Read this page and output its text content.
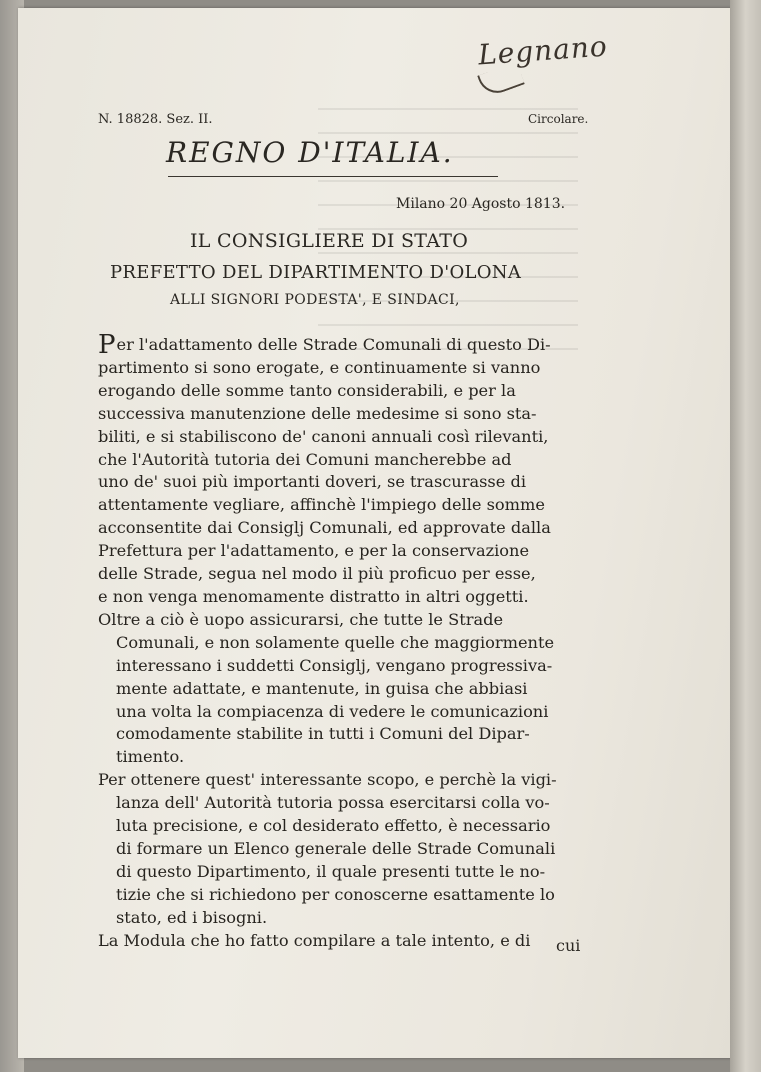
Legnano

N. 18828. Sez. II.	Circolare.

REGNO D'ITALIA.

Milano 20 Agosto 1813.

IL CONSIGLIERE DI STATO
PREFETTO DEL DIPARTIMENTO D'OLONA
ALLI SIGNORI PODESTA', E SINDACI,

Per l'adattamento delle Strade Comunali di questo Di-

partimento si sono erogate, e continuamente si vanno

erogando delle somme tanto considerabili, e per la

successiva manutenzione delle medesime si sono sta-

biliti, e si stabiliscono de' canoni annuali così rilevanti,

che l'Autorità tutoria dei Comuni mancherebbe ad

uno de' suoi più importanti doveri, se trascurasse di

attentamente vegliare, affinchè l'impiego delle somme

acconsentite dai Consiglj Comunali, ed approvate dalla

Prefettura per l'adattamento, e per la conservazione

delle Strade, segua nel modo il più proficuo per esse,

e non venga menomamente distratto in altri oggetti.

Oltre a ciò è uopo assicurarsi, che tutte le Strade

Comunali, e non solamente quelle che maggiormente

interessano i suddetti Consiglj, vengano progressiva-

mente adattate, e mantenute, in guisa che abbiasi

una volta la compiacenza di vedere le comunicazioni

comodamente stabilite in tutti i Comuni del Dipar-

timento.

Per ottenere quest' interessante scopo, e perchè la vigi-

lanza dell' Autorità tutoria possa esercitarsi colla vo-

luta precisione, e col desiderato effetto, è necessario

di formare un Elenco generale delle Strade Comunali

di questo Dipartimento, il quale presenti tutte le no-

tizie che si richiedono per conoscerne esattamente lo

stato, ed i bisogni.

La Modula che ho fatto compilare a tale intento, e di	cui
